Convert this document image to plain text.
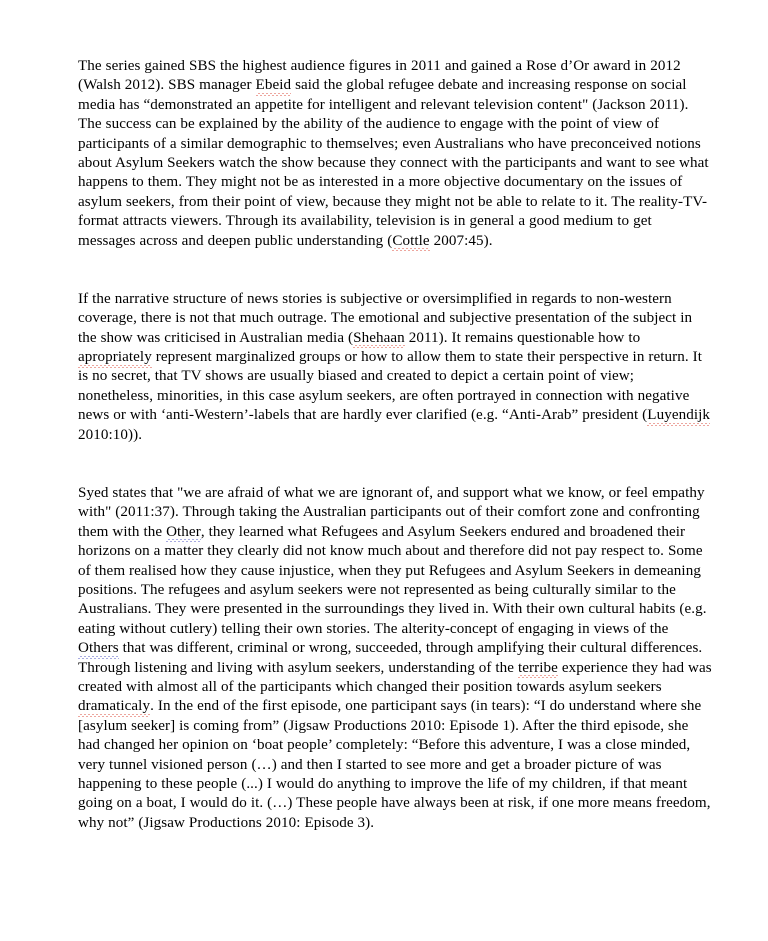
The series gained SBS the highest audience figures in 2011 and gained a Rose d’Or award in 2012 (Walsh 2012). SBS manager Ebeid said the global refugee debate and increasing response on social media has “demonstrated an appetite for intelligent and relevant television content" (Jackson 2011). The success can be explained by the ability of the audience to engage with the point of view of participants of a similar demographic to themselves; even Australians who have preconceived notions about Asylum Seekers watch the show because they connect with the participants and want to see what happens to them. They might not be as interested in a more objective documentary on the issues of asylum seekers, from their point of view, because they might not be able to relate to it. The reality-TV-format attracts viewers. Through its availability, television is in general a good medium to get messages across and deepen public understanding (Cottle 2007:45).

If the narrative structure of news stories is subjective or oversimplified in regards to non-western coverage, there is not that much outrage. The emotional and subjective presentation of the subject in the show was criticised in Australian media (Shehaan 2011). It remains questionable how to apropriately represent marginalized groups or how to allow them to state their perspective in return. It is no secret, that TV shows are usually biased and created to depict a certain point of view; nonetheless, minorities, in this case asylum seekers, are often portrayed in connection with negative news or with ‘anti-Western’-labels that are hardly ever clarified (e.g. “Anti-Arab” president (Luyendijk 2010:10)).

Syed states that "we are afraid of what we are ignorant of, and support what we know, or feel empathy with" (2011:37). Through taking the Australian participants out of their comfort zone and confronting them with the Other, they learned what Refugees and Asylum Seekers endured and broadened their horizons on a matter they clearly did not know much about and therefore did not pay respect to. Some of them realised how they cause injustice, when they put Refugees and Asylum Seekers in demeaning positions. The refugees and asylum seekers were not represented as being culturally similar to the Australians. They were presented in the surroundings they lived in. With their own cultural habits (e.g. eating without cutlery) telling their own stories. The alterity-concept of engaging in views of the Others that was different, criminal or wrong, succeeded, through amplifying their cultural differences. Through listening and living with asylum seekers, understanding of the terribe experience they had was created with almost all of the participants which changed their position towards asylum seekers dramaticaly. In the end of the first episode, one participant says (in tears): “I do understand where she [asylum seeker] is coming from” (Jigsaw Productions 2010: Episode 1). After the third episode, she had changed her opinion on ‘boat people’ completely: “Before this adventure, I was a close minded, very tunnel visioned person (…) and then I started to see more and get a broader picture of was happening to these people (...) I would do anything to improve the life of my children, if that meant going on a boat, I would do it. (…) These people have always been at risk, if one more means freedom, why not” (Jigsaw Productions 2010: Episode 3).
